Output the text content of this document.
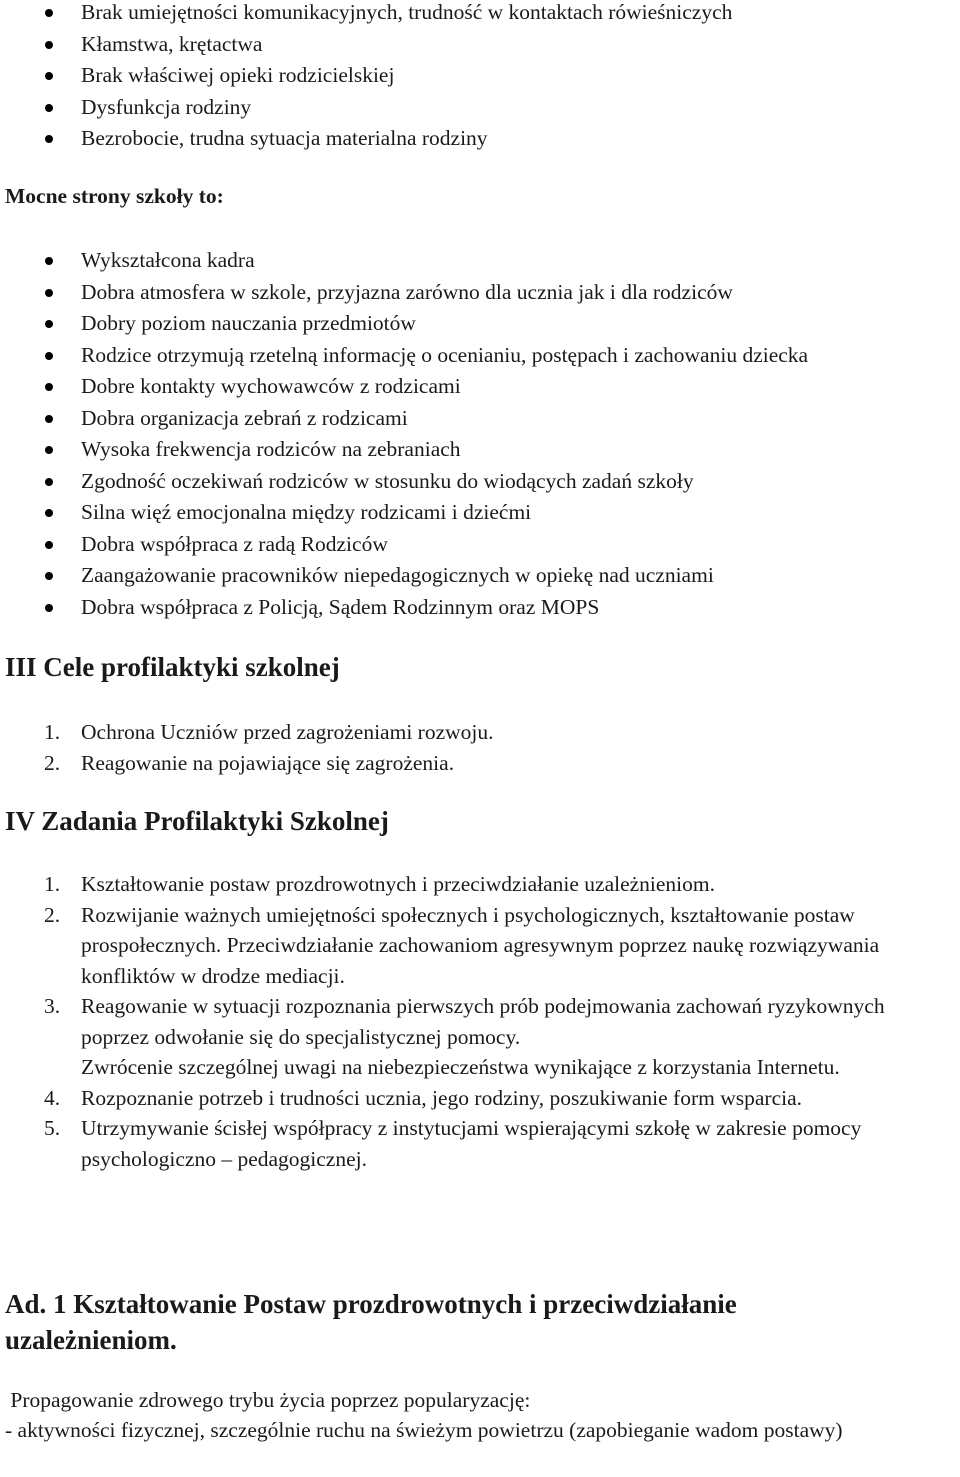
Brak umiejętności komunikacyjnych, trudność w kontaktach rówieśniczych
Kłamstwa, krętactwa
Brak właściwej opieki rodzicielskiej
Dysfunkcja rodziny
Bezrobocie, trudna sytuacja materialna rodziny
Mocne strony szkoły to:
Wykształcona kadra
Dobra atmosfera w szkole, przyjazna zarówno dla ucznia jak i dla rodziców
Dobry poziom nauczania przedmiotów
Rodzice otrzymują rzetelną informację o ocenianiu, postępach i zachowaniu dziecka
Dobre kontakty wychowawców z rodzicami
Dobra organizacja zebrań z rodzicami
Wysoka frekwencja rodziców na zebraniach
Zgodność oczekiwań rodziców w stosunku do wiodących zadań szkoły
Silna więź emocjonalna między rodzicami i dziećmi
Dobra współpraca z radą Rodziców
Zaangażowanie pracowników niepedagogicznych w opiekę nad uczniami
Dobra współpraca z Policją, Sądem Rodzinnym oraz MOPS
III Cele profilaktyki szkolnej
1. Ochrona Uczniów przed zagrożeniami rozwoju.
2. Reagowanie na pojawiające się zagrożenia.
IV Zadania Profilaktyki Szkolnej
1. Kształtowanie postaw prozdrowotnych i przeciwdziałanie uzależnieniom.
2. Rozwijanie ważnych umiejętności społecznych i psychologicznych, kształtowanie postaw prospołecznych. Przeciwdziałanie zachowaniom agresywnym poprzez naukę rozwiązywania konfliktów w drodze mediacji.
3. Reagowanie w sytuacji rozpoznania pierwszych prób podejmowania zachowań ryzykownych poprzez odwołanie się do specjalistycznej pomocy.
Zwrócenie szczególnej uwagi na niebezpieczeństwa wynikające z korzystania Internetu.
4. Rozpoznanie potrzeb i trudności ucznia, jego rodziny, poszukiwanie form wsparcia.
5. Utrzymywanie ścisłej współpracy z instytucjami wspierającymi szkołę w zakresie pomocy psychologiczno – pedagogicznej.
Ad. 1 Kształtowanie Postaw prozdrowotnych i przeciwdziałanie uzależnieniom.
Propagowanie zdrowego trybu życia poprzez popularyzację:
- aktywności fizycznej, szczególnie ruchu na świeżym powietrzu (zapobieganie wadom postawy)
